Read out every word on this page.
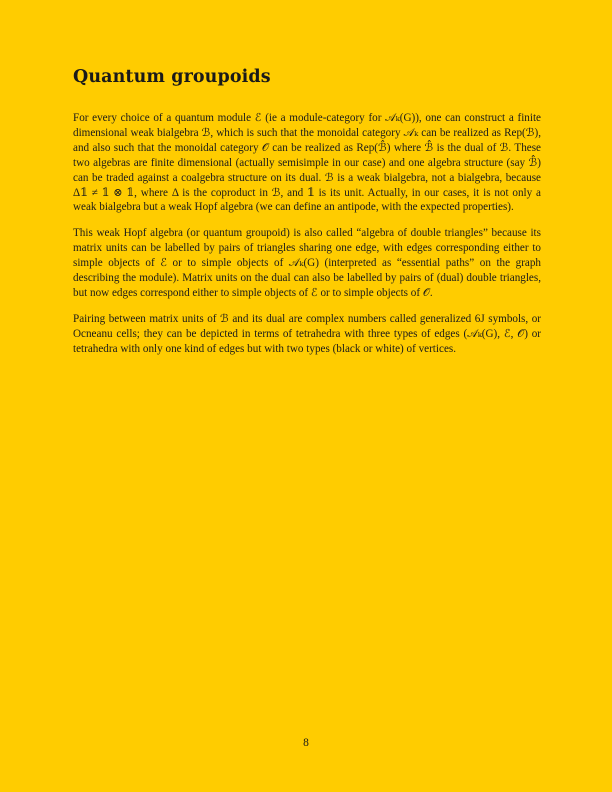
Quantum groupoids

For every choice of a quantum module ℰ (ie a module-category for 𝒜ₖ(G)), one can construct a finite dimensional weak bialgebra ℬ, which is such that the monoidal category 𝒜ₖ can be realized as Rep(ℬ), and also such that the monoidal category 𝒪 can be realized as Rep(ℬ̂) where ℬ̂ is the dual of ℬ. These two algebras are finite dimensional (actually semisimple in our case) and one algebra structure (say ℬ̂) can be traded against a coalgebra structure on its dual. ℬ is a weak bialgebra, not a bialgebra, because Δ𝟙 ≠ 𝟙 ⊗ 𝟙, where Δ is the coproduct in ℬ, and 𝟙 is its unit. Actually, in our cases, it is not only a weak bialgebra but a weak Hopf algebra (we can define an antipode, with the expected properties).

This weak Hopf algebra (or quantum groupoid) is also called “algebra of double triangles” because its matrix units can be labelled by pairs of triangles sharing one edge, with edges corresponding either to simple objects of ℰ or to simple objects of 𝒜ₖ(G) (interpreted as “essential paths” on the graph describing the module). Matrix units on the dual can also be labelled by pairs of (dual) double triangles, but now edges correspond either to simple objects of ℰ or to simple objects of 𝒪.

Pairing between matrix units of ℬ and its dual are complex numbers called generalized 6J symbols, or Ocneanu cells; they can be depicted in terms of tetrahedra with three types of edges (𝒜ₖ(G), ℰ, 𝒪) or tetrahedra with only one kind of edges but with two types (black or white) of vertices.

8
